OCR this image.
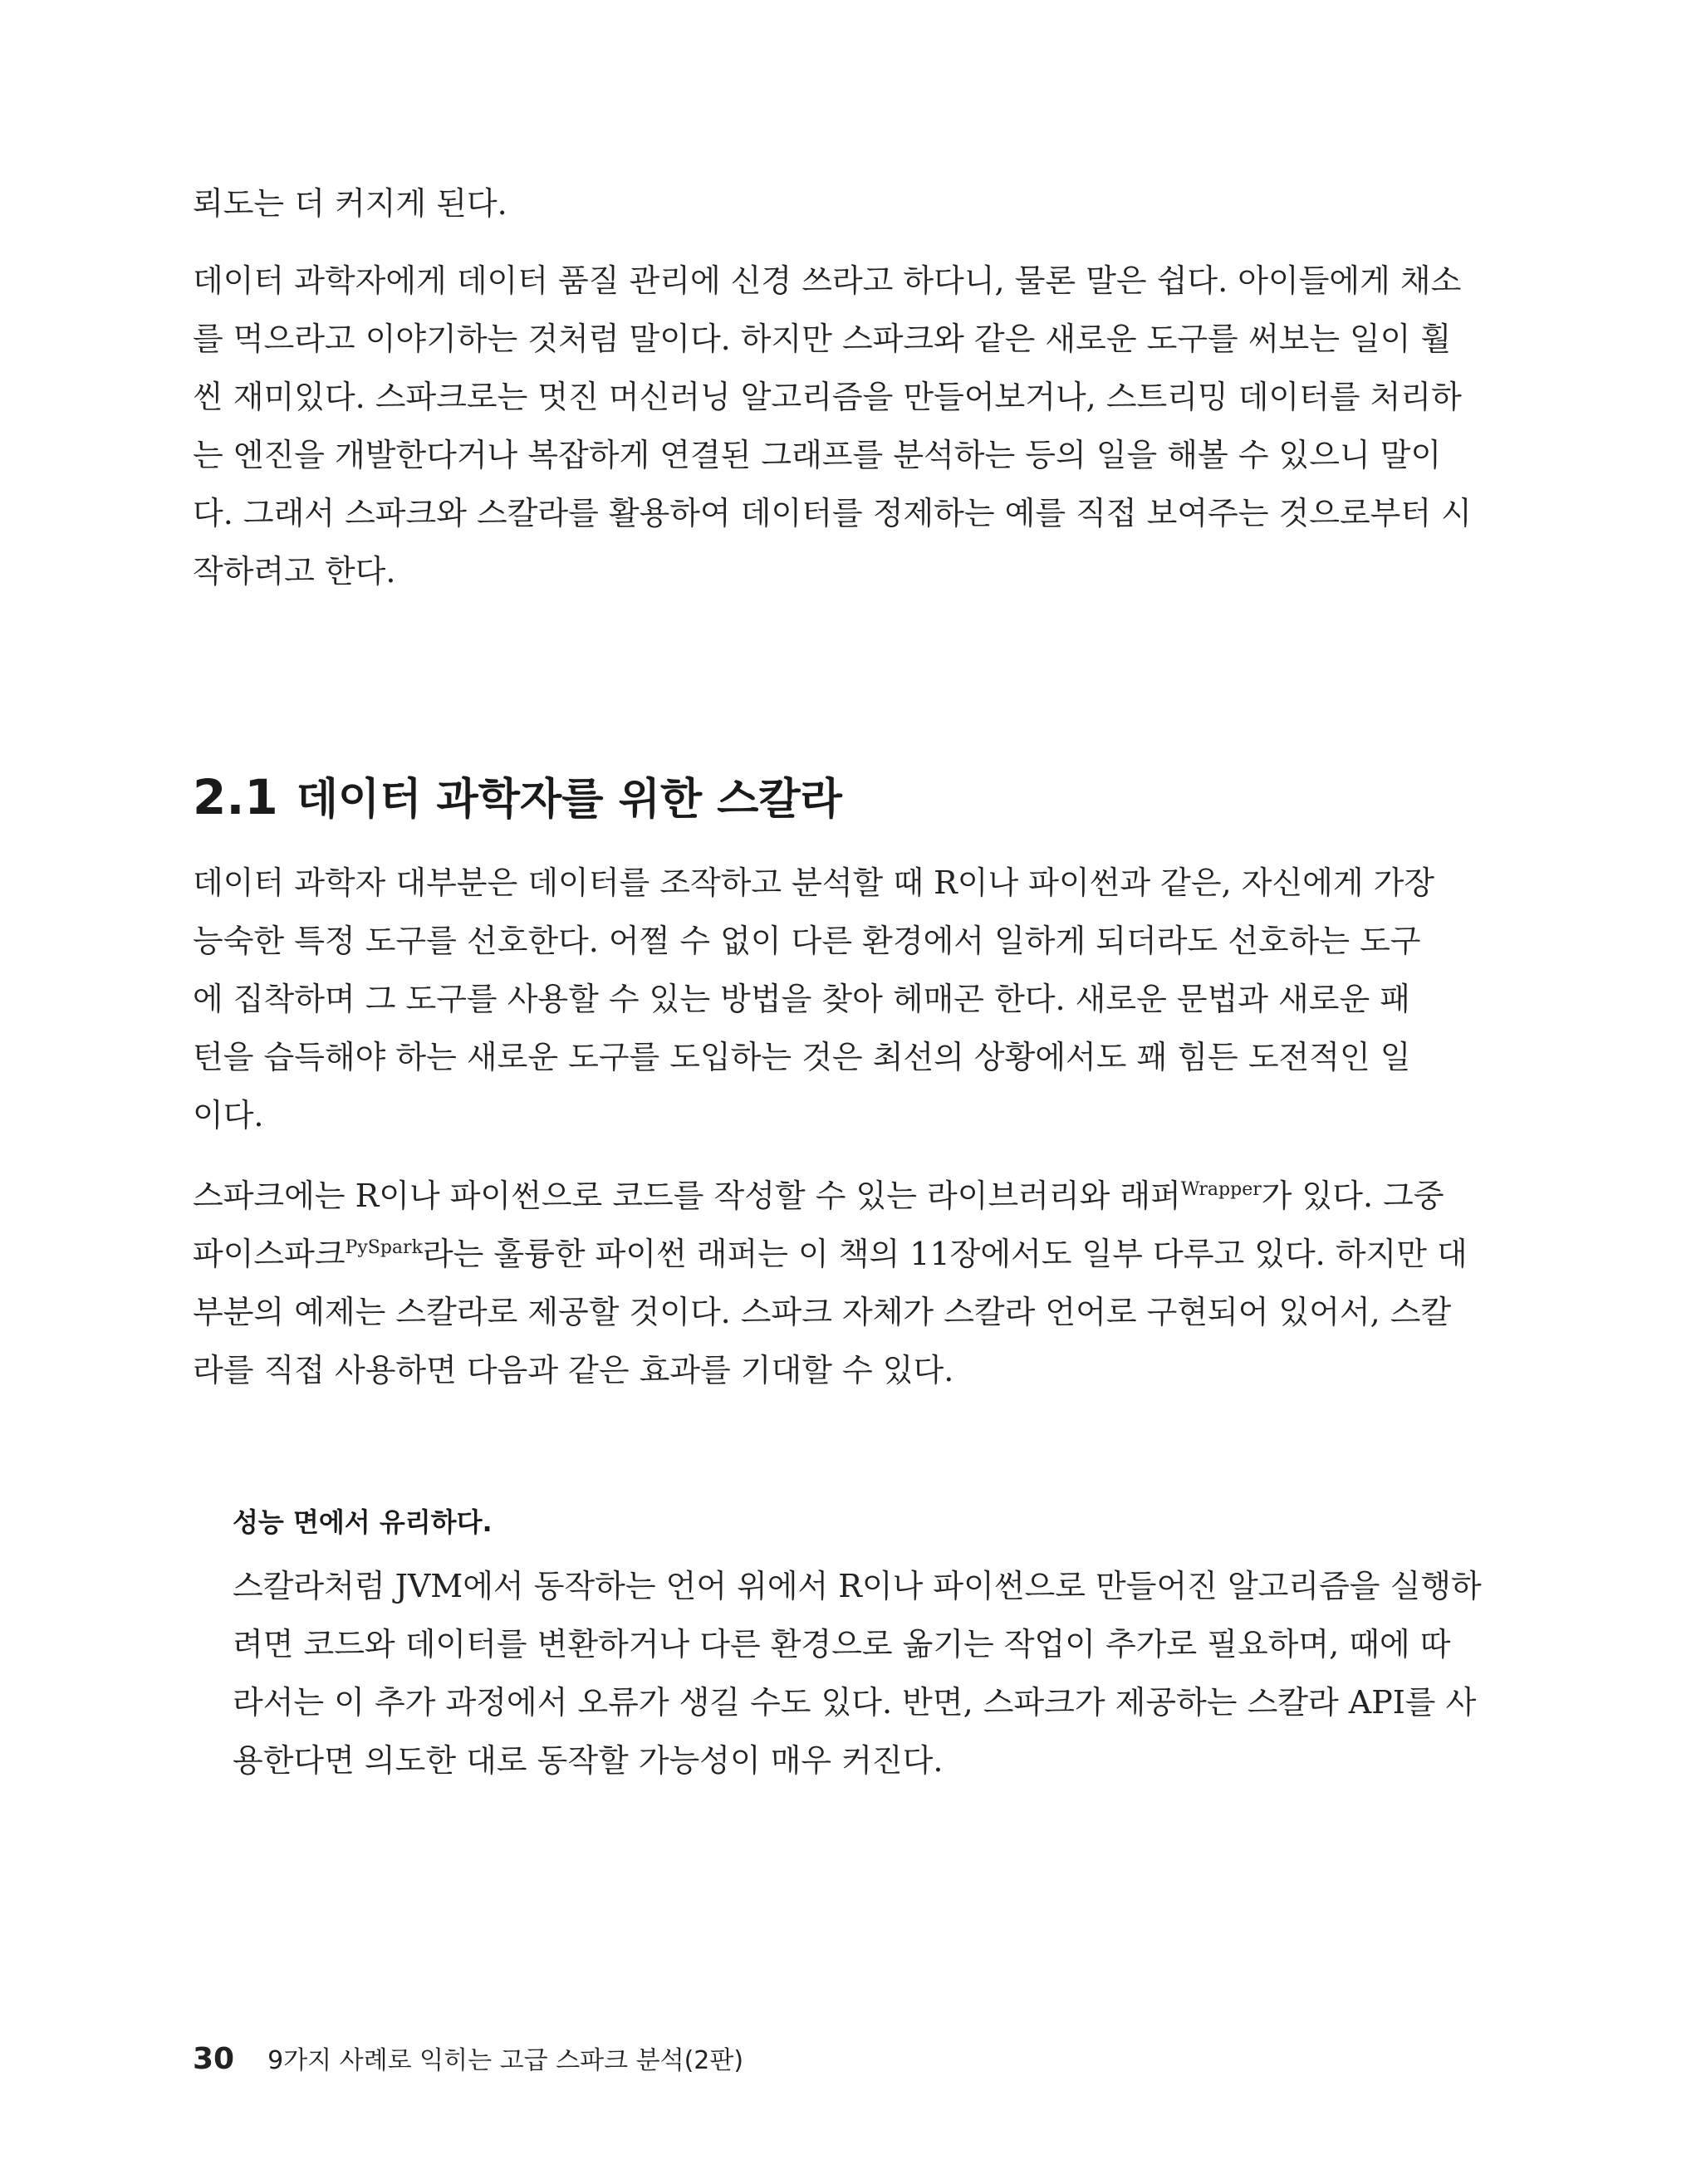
뢰도는 더 커지게 된다.
데이터 과학자에게 데이터 품질 관리에 신경 쓰라고 하다니, 물론 말은 쉽다. 아이들에게 채소
를 먹으라고 이야기하는 것처럼 말이다. 하지만 스파크와 같은 새로운 도구를 써보는 일이 훨
씬 재미있다. 스파크로는 멋진 머신러닝 알고리즘을 만들어보거나, 스트리밍 데이터를 처리하
는 엔진을 개발한다거나 복잡하게 연결된 그래프를 분석하는 등의 일을 해볼 수 있으니 말이
다. 그래서 스파크와 스칼라를 활용하여 데이터를 정제하는 예를 직접 보여주는 것으로부터 시
작하려고 한다.
2.1 데이터 과학자를 위한 스칼라
데이터 과학자 대부분은 데이터를 조작하고 분석할 때 R이나 파이썬과 같은, 자신에게 가장
능숙한 특정 도구를 선호한다. 어쩔 수 없이 다른 환경에서 일하게 되더라도 선호하는 도구
에 집착하며 그 도구를 사용할 수 있는 방법을 찾아 헤매곤 한다. 새로운 문법과 새로운 패
턴을 습득해야 하는 새로운 도구를 도입하는 것은 최선의 상황에서도 꽤 힘든 도전적인 일
이다.
스파크에는 R이나 파이썬으로 코드를 작성할 수 있는 라이브러리와 래퍼$^{Wrapper}$가 있다. 그중
파이스파크$^{PySpark}$라는 훌륭한 파이썬 래퍼는 이 책의 11장에서도 일부 다루고 있다. 하지만 대
부분의 예제는 스칼라로 제공할 것이다. 스파크 자체가 스칼라 언어로 구현되어 있어서, 스칼
라를 직접 사용하면 다음과 같은 효과를 기대할 수 있다.
성능 면에서 유리하다.
스칼라처럼 JVM에서 동작하는 언어 위에서 R이나 파이썬으로 만들어진 알고리즘을 실행하
려면 코드와 데이터를 변환하거나 다른 환경으로 옮기는 작업이 추가로 필요하며, 때에 따
라서는 이 추가 과정에서 오류가 생길 수도 있다. 반면, 스파크가 제공하는 스칼라 API를 사
용한다면 의도한 대로 동작할 가능성이 매우 커진다.
30 9가지 사례로 익히는 고급 스파크 분석(2판)
